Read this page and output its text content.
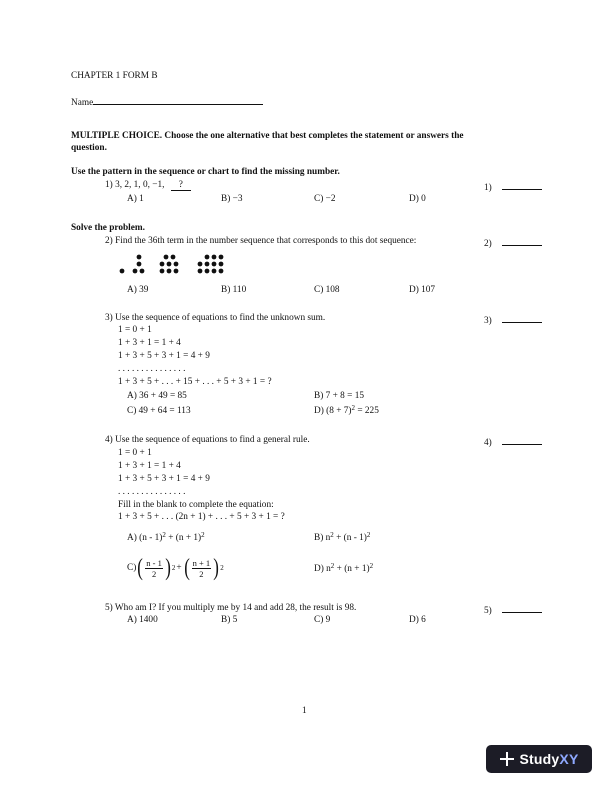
CHAPTER 1 FORM B
Name
MULTIPLE CHOICE. Choose the one alternative that best completes the statement or answers the
question.
Use the pattern in the sequence or chart to find the missing number.
1) 3, 2, 1, 0, −1, ?	1)
A) 1	B) −3	C) −2	D) 0
Solve the problem.
2) Find the 36th term in the number sequence that corresponds to this dot sequence:	2)
A) 39	B) 110	C) 108	D) 107
3) Use the sequence of equations to find the unknown sum.	3)
1 = 0 + 1
1 + 3 + 1 = 1 + 4
1 + 3 + 5 + 3 + 1 = 4 + 9
. . . . . . . . . . . . . . .
1 + 3 + 5 + . . . + 15 + . . . + 5 + 3 + 1 = ?
A) 36 + 49 = 85	B) 7 + 8 = 15
C) 49 + 64 = 113	D) $(8 + 7)^2 = 225$
4) Use the sequence of equations to find a general rule.	4)
1 = 0 + 1
1 + 3 + 1 = 1 + 4
1 + 3 + 5 + 3 + 1 = 4 + 9
. . . . . . . . . . . . . . .
Fill in the blank to complete the equation:
1 + 3 + 5 + . . . (2n + 1) + . . . + 5 + 3 + 1 = ?
A) $(n - 1)^2 + (n + 1)^2$	B) $n^2 + (n - 1)^2$
C) ( $\frac{n - 1}{2}$ ) 2 + ( $\frac{n + 1}{2}$ ) 2	D) $n^2 + (n + 1)^2$
5) Who am I? If you multiply me by 14 and add 28, the result is 98.	5)
A) 1400	B) 5	C) 9	D) 6
1
StudyXY
